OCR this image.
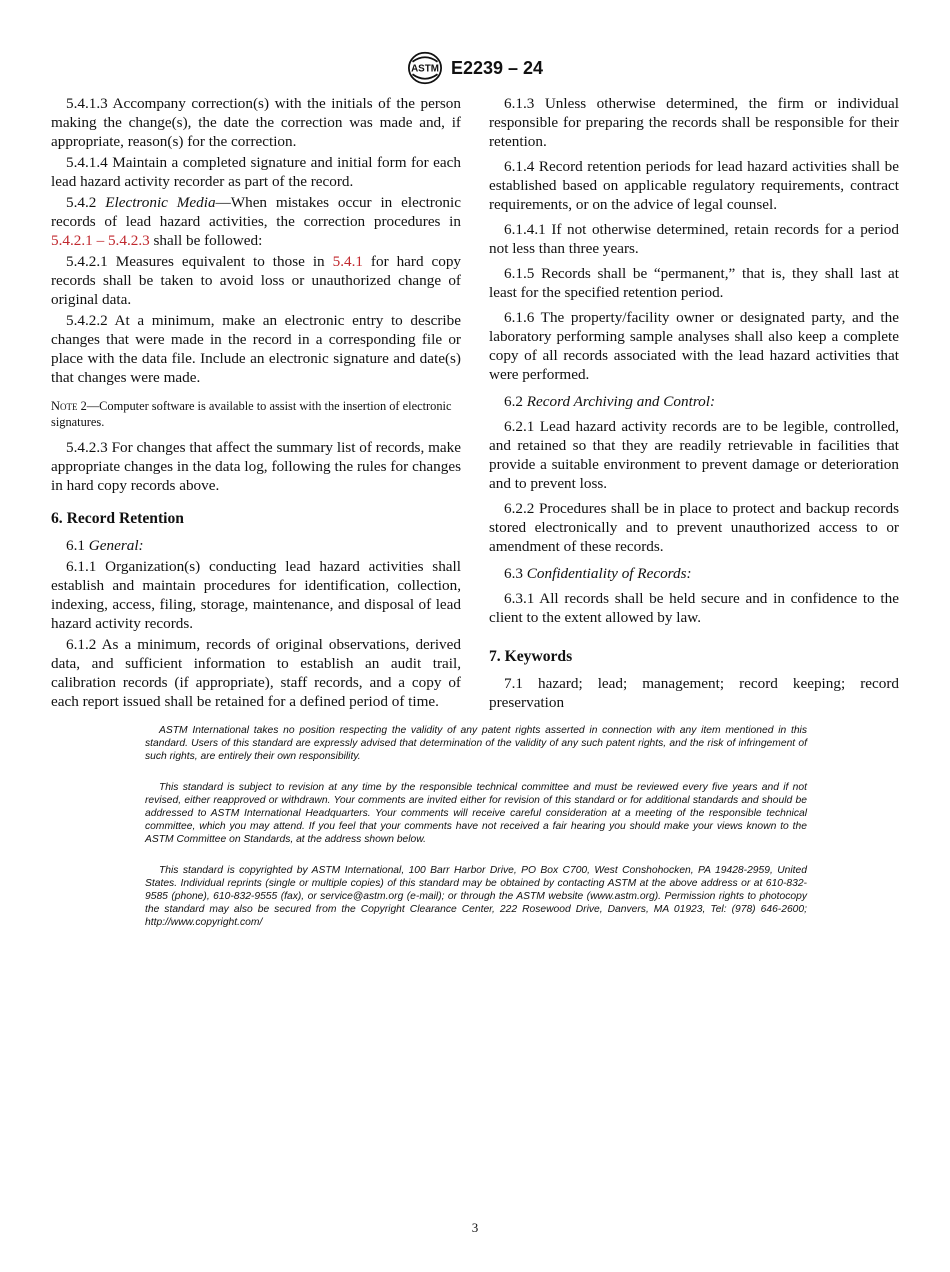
ASTM E2239 – 24

5.4.1.3 Accompany correction(s) with the initials of the person making the change(s), the date the correction was made and, if appropriate, reason(s) for the correction.

5.4.1.4 Maintain a completed signature and initial form for each lead hazard activity recorder as part of the record.

5.4.2 Electronic Media—When mistakes occur in electronic records of lead hazard activities, the correction procedures in 5.4.2.1 – 5.4.2.3 shall be followed:

5.4.2.1 Measures equivalent to those in 5.4.1 for hard copy records shall be taken to avoid loss or unauthorized change of original data.

5.4.2.2 At a minimum, make an electronic entry to describe changes that were made in the record in a corresponding file or place with the data file. Include an electronic signature and date(s) that changes were made.

Note 2—Computer software is available to assist with the insertion of electronic signatures.

5.4.2.3 For changes that affect the summary list of records, make appropriate changes in the data log, following the rules for changes in hard copy records above.

6. Record Retention

6.1 General:

6.1.1 Organization(s) conducting lead hazard activities shall establish and maintain procedures for identification, collection, indexing, access, filing, storage, maintenance, and disposal of lead hazard activity records.

6.1.2 As a minimum, records of original observations, derived data, and sufficient information to establish an audit trail, calibration records (if appropriate), staff records, and a copy of each report issued shall be retained for a defined period of time.

6.1.3 Unless otherwise determined, the firm or individual responsible for preparing the records shall be responsible for their retention.

6.1.4 Record retention periods for lead hazard activities shall be established based on applicable regulatory requirements, contract requirements, or on the advice of legal counsel.

6.1.4.1 If not otherwise determined, retain records for a period not less than three years.

6.1.5 Records shall be “permanent,” that is, they shall last at least for the specified retention period.

6.1.6 The property/facility owner or designated party, and the laboratory performing sample analyses shall also keep a complete copy of all records associated with the lead hazard activities that were performed.

6.2 Record Archiving and Control:

6.2.1 Lead hazard activity records are to be legible, controlled, and retained so that they are readily retrievable in facilities that provide a suitable environment to prevent damage or deterioration and to prevent loss.

6.2.2 Procedures shall be in place to protect and backup records stored electronically and to prevent unauthorized access to or amendment of these records.

6.3 Confidentiality of Records:

6.3.1 All records shall be held secure and in confidence to the client to the extent allowed by law.

7. Keywords

7.1 hazard; lead; management; record keeping; record preservation

ASTM International takes no position respecting the validity of any patent rights asserted in connection with any item mentioned in this standard. Users of this standard are expressly advised that determination of the validity of any such patent rights, and the risk of infringement of such rights, are entirely their own responsibility.

This standard is subject to revision at any time by the responsible technical committee and must be reviewed every five years and if not revised, either reapproved or withdrawn. Your comments are invited either for revision of this standard or for additional standards and should be addressed to ASTM International Headquarters. Your comments will receive careful consideration at a meeting of the responsible technical committee, which you may attend. If you feel that your comments have not received a fair hearing you should make your views known to the ASTM Committee on Standards, at the address shown below.

This standard is copyrighted by ASTM International, 100 Barr Harbor Drive, PO Box C700, West Conshohocken, PA 19428-2959, United States. Individual reprints (single or multiple copies) of this standard may be obtained by contacting ASTM at the above address or at 610-832-9585 (phone), 610-832-9555 (fax), or service@astm.org (e-mail); or through the ASTM website (www.astm.org). Permission rights to photocopy the standard may also be secured from the Copyright Clearance Center, 222 Rosewood Drive, Danvers, MA 01923, Tel: (978) 646-2600; http://www.copyright.com/

3
